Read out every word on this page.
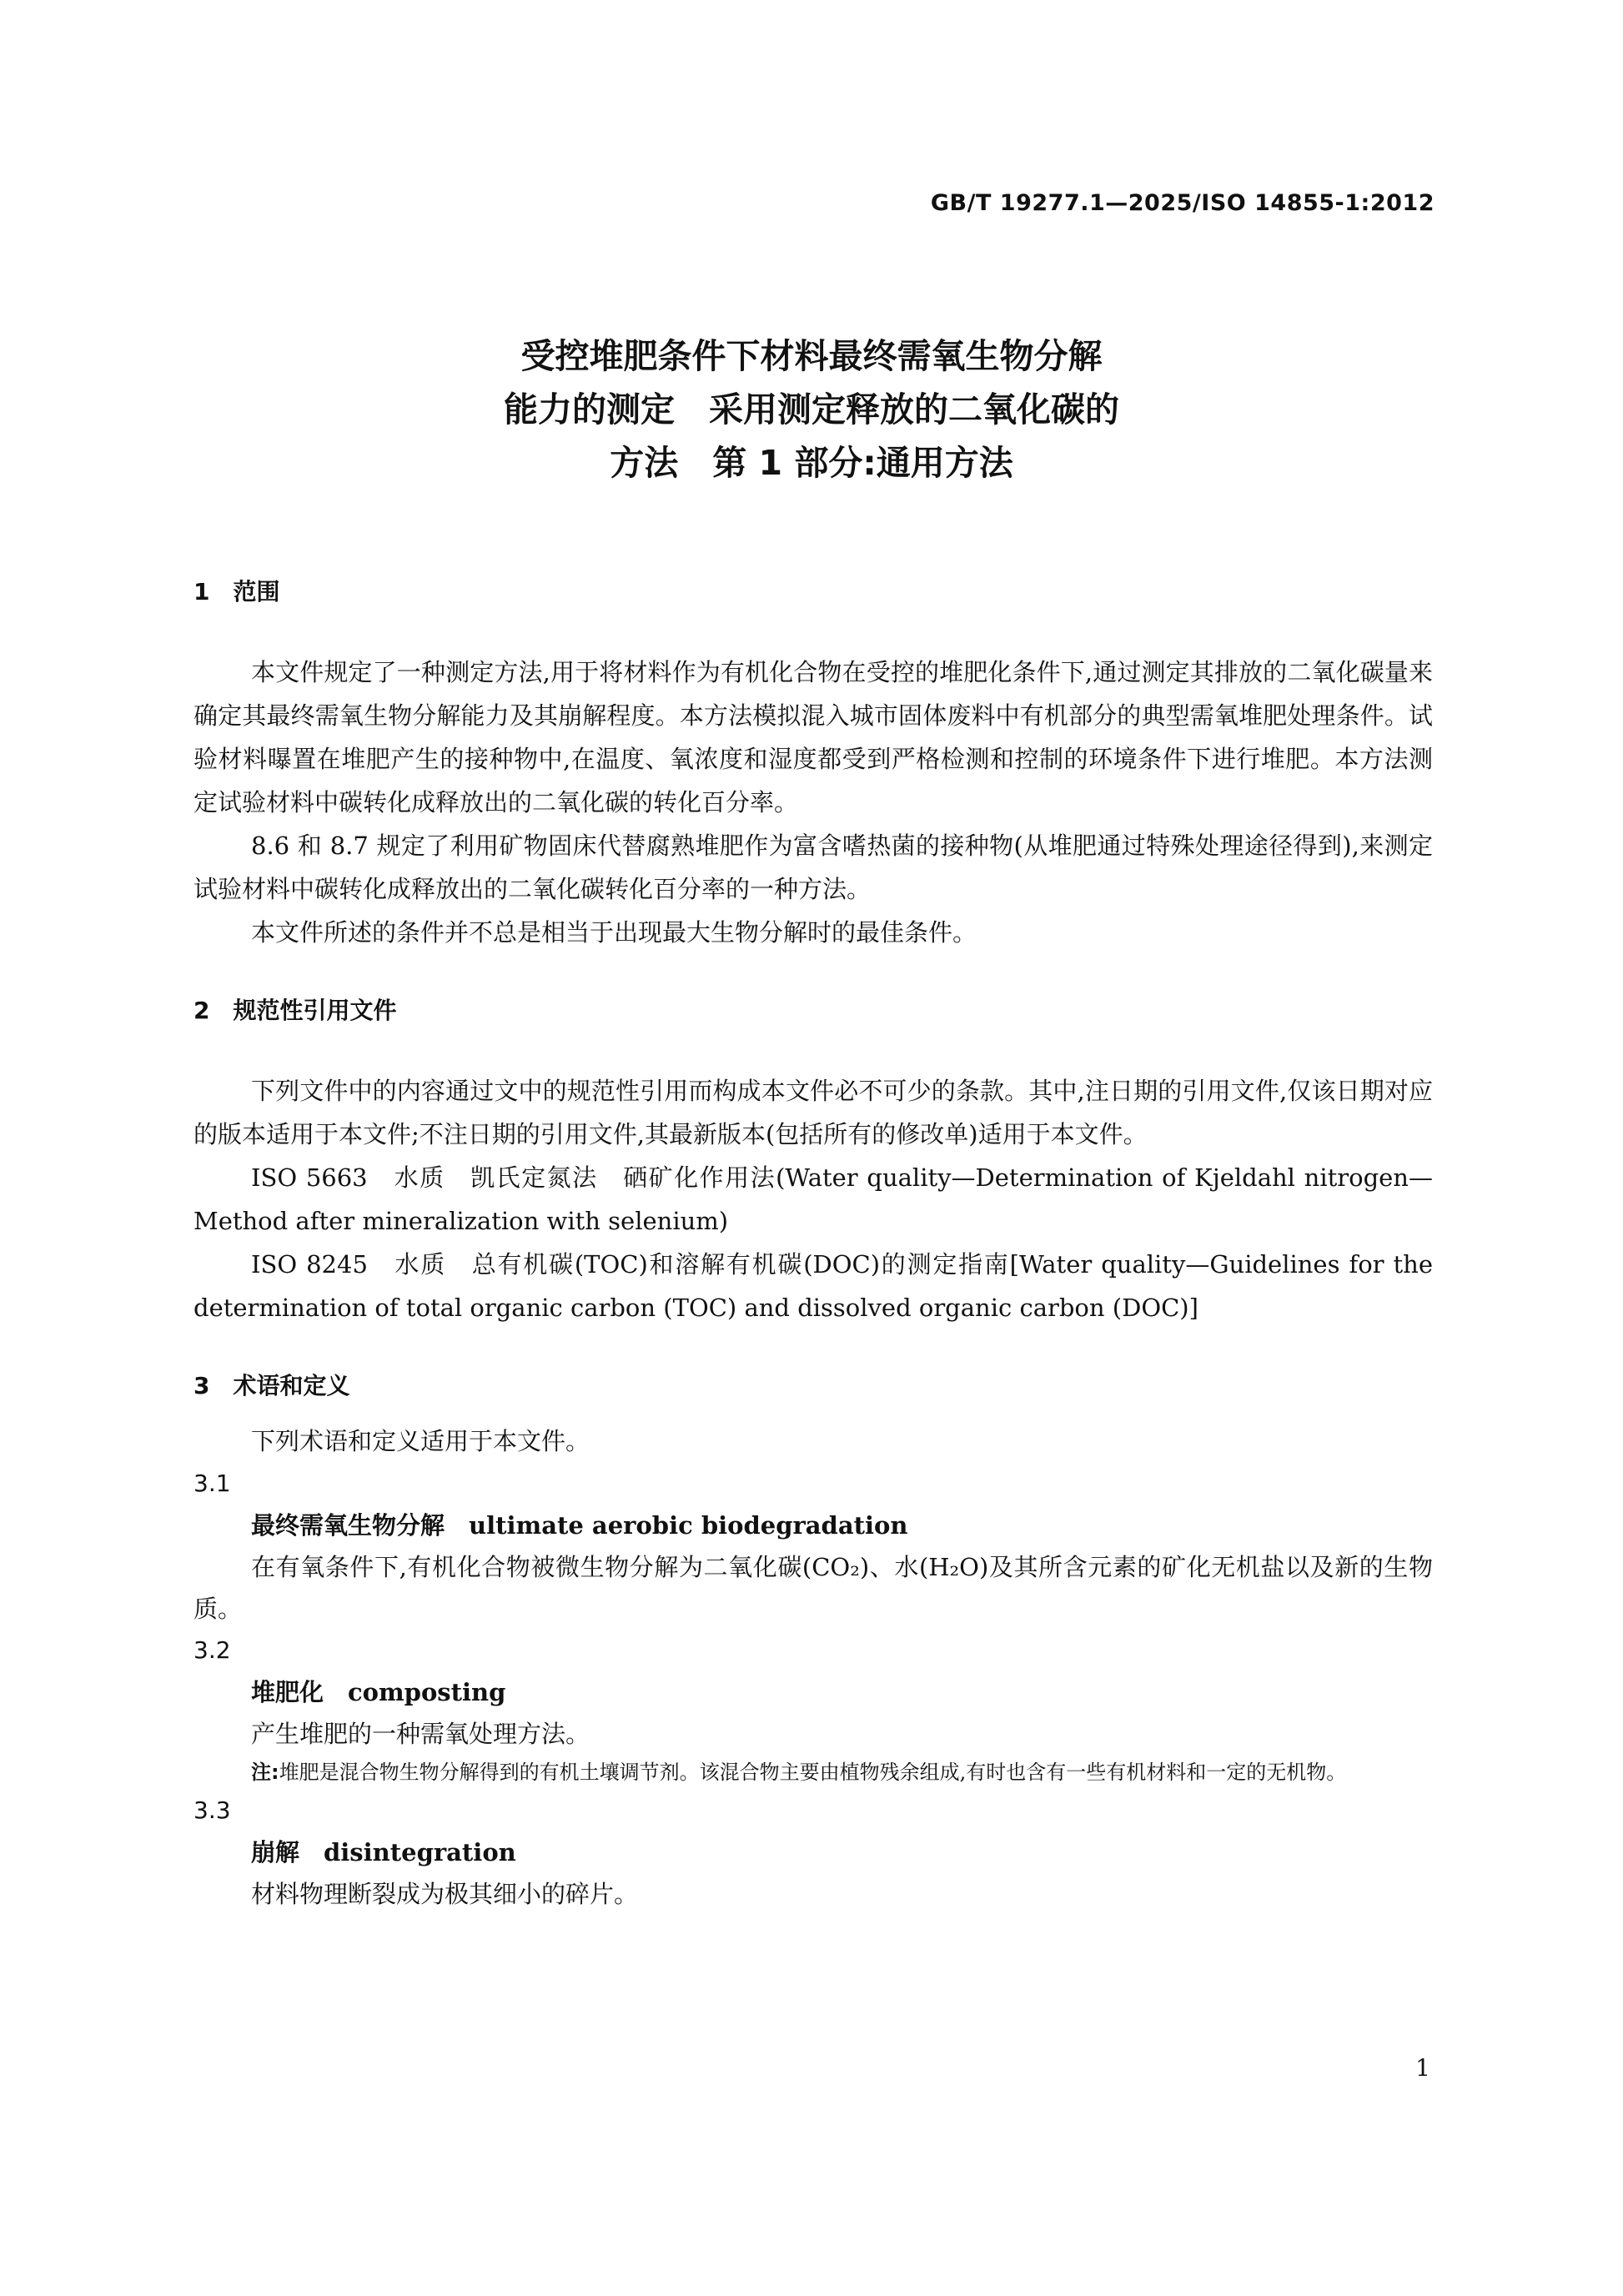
GB/T 19277.1—2025/ISO 14855-1:2012
受控堆肥条件下材料最终需氧生物分解
能力的测定　采用测定释放的二氧化碳的
方法　第 1 部分:通用方法
1　范围

本文件规定了一种测定方法,用于将材料作为有机化合物在受控的堆肥化条件下,通过测定其排放的二氧化碳量来确定其最终需氧生物分解能力及其崩解程度。本方法模拟混入城市固体废料中有机部分的典型需氧堆肥处理条件。试验材料曝置在堆肥产生的接种物中,在温度、氧浓度和湿度都受到严格检测和控制的环境条件下进行堆肥。本方法测定试验材料中碳转化成释放出的二氧化碳的转化百分率。

8.6 和 8.7 规定了利用矿物固床代替腐熟堆肥作为富含嗜热菌的接种物(从堆肥通过特殊处理途径得到),来测定试验材料中碳转化成释放出的二氧化碳转化百分率的一种方法。

本文件所述的条件并不总是相当于出现最大生物分解时的最佳条件。

2　规范性引用文件

下列文件中的内容通过文中的规范性引用而构成本文件必不可少的条款。其中,注日期的引用文件,仅该日期对应的版本适用于本文件;不注日期的引用文件,其最新版本(包括所有的修改单)适用于本文件。

ISO 5663　水质　凯氏定氮法　硒矿化作用法(Water quality—Determination of Kjeldahl nitrogen—Method after mineralization with selenium)

ISO 8245　水质　总有机碳(TOC)和溶解有机碳(DOC)的测定指南[Water quality—Guidelines for the determination of total organic carbon (TOC) and dissolved organic carbon (DOC)]

3　术语和定义

下列术语和定义适用于本文件。

3.1
最终需氧生物分解　ultimate aerobic biodegradation

在有氧条件下,有机化合物被微生物分解为二氧化碳(CO₂)、水(H₂O)及其所含元素的矿化无机盐以及新的生物质。

3.2
堆肥化　composting

产生堆肥的一种需氧处理方法。

注:堆肥是混合物生物分解得到的有机土壤调节剂。该混合物主要由植物残余组成,有时也含有一些有机材料和一定的无机物。
3.3
崩解　disintegration

材料物理断裂成为极其细小的碎片。

1
